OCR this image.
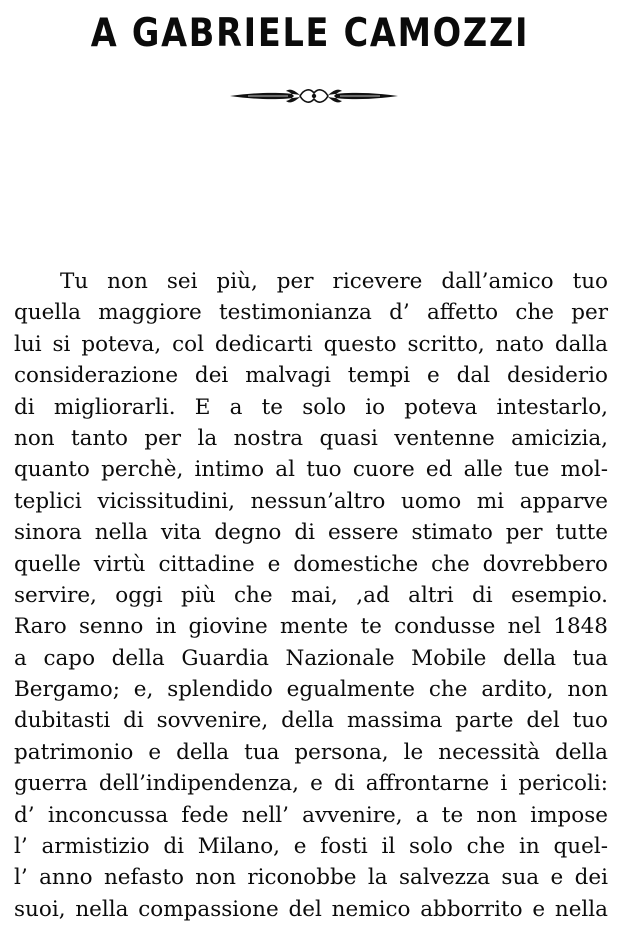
A GABRIELE CAMOZZI
Tu non sei più, per ricevere dall’amico tuo
quella maggiore testimonianza d’ affetto che per
lui si poteva, col dedicarti questo scritto, nato dalla
considerazione dei malvagi tempi e dal desiderio
di migliorarli. E a te solo io poteva intestarlo,
non tanto per la nostra quasi ventenne amicizia,
quanto perchè, intimo al tuo cuore ed alle tue mol-
teplici vicissitudini, nessun’altro uomo mi apparve
sinora nella vita degno di essere stimato per tutte
quelle virtù cittadine e domestiche che dovrebbero
servire, oggi più che mai, ,ad altri di esempio.
Raro senno in giovine mente te condusse nel 1848
a capo della Guardia Nazionale Mobile della tua
Bergamo; e, splendido egualmente che ardito, non
dubitasti di sovvenire, della massima parte del tuo
patrimonio e della tua persona, le necessità della
guerra dell’indipendenza, e di affrontarne i pericoli:
d’ inconcussa fede nell’ avvenire, a te non impose
l’ armistizio di Milano, e fosti il solo che in quel-
l’ anno nefasto non riconobbe la salvezza sua e dei
suoi, nella compassione del nemico abborrito e nella
